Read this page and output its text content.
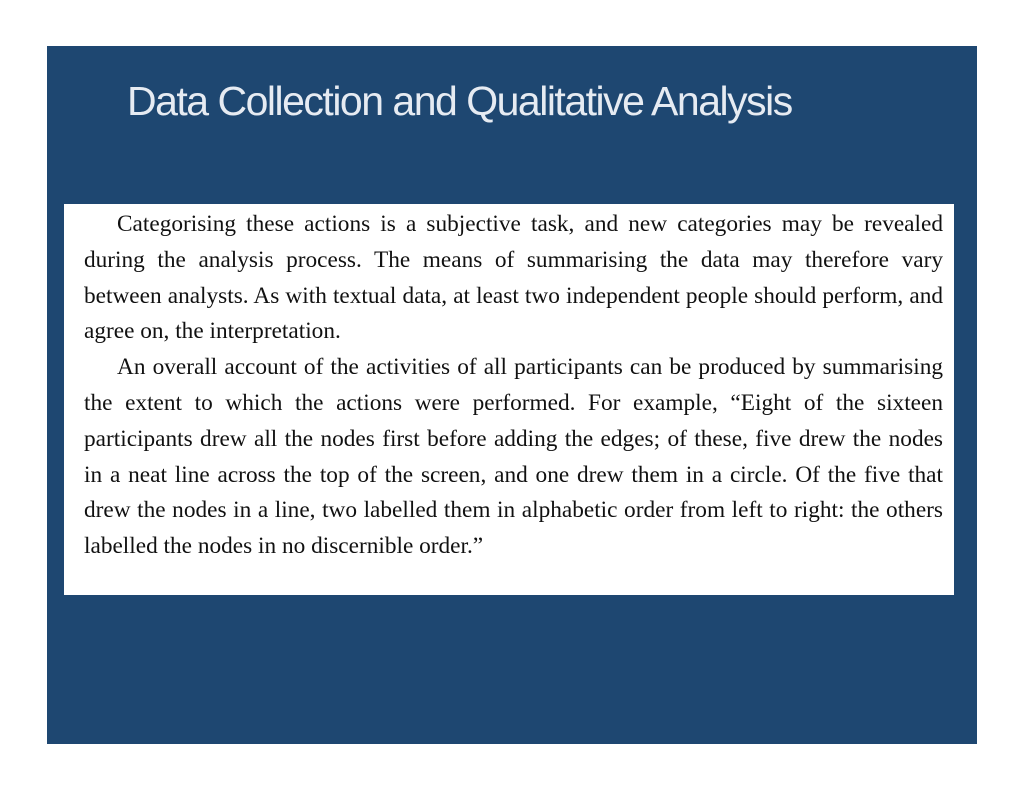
Data Collection and Qualitative Analysis

Categorising these actions is a subjective task, and new categories may be revealed during the analysis process. The means of summarising the data may therefore vary between analysts. As with textual data, at least two independent people should perform, and agree on, the interpretation.

An overall account of the activities of all participants can be produced by summarising the extent to which the actions were performed. For example, “Eight of the sixteen participants drew all the nodes first before adding the edges; of these, five drew the nodes in a neat line across the top of the screen, and one drew them in a circle. Of the five that drew the nodes in a line, two labelled them in alphabetic order from left to right: the others labelled the nodes in no discernible order.”
